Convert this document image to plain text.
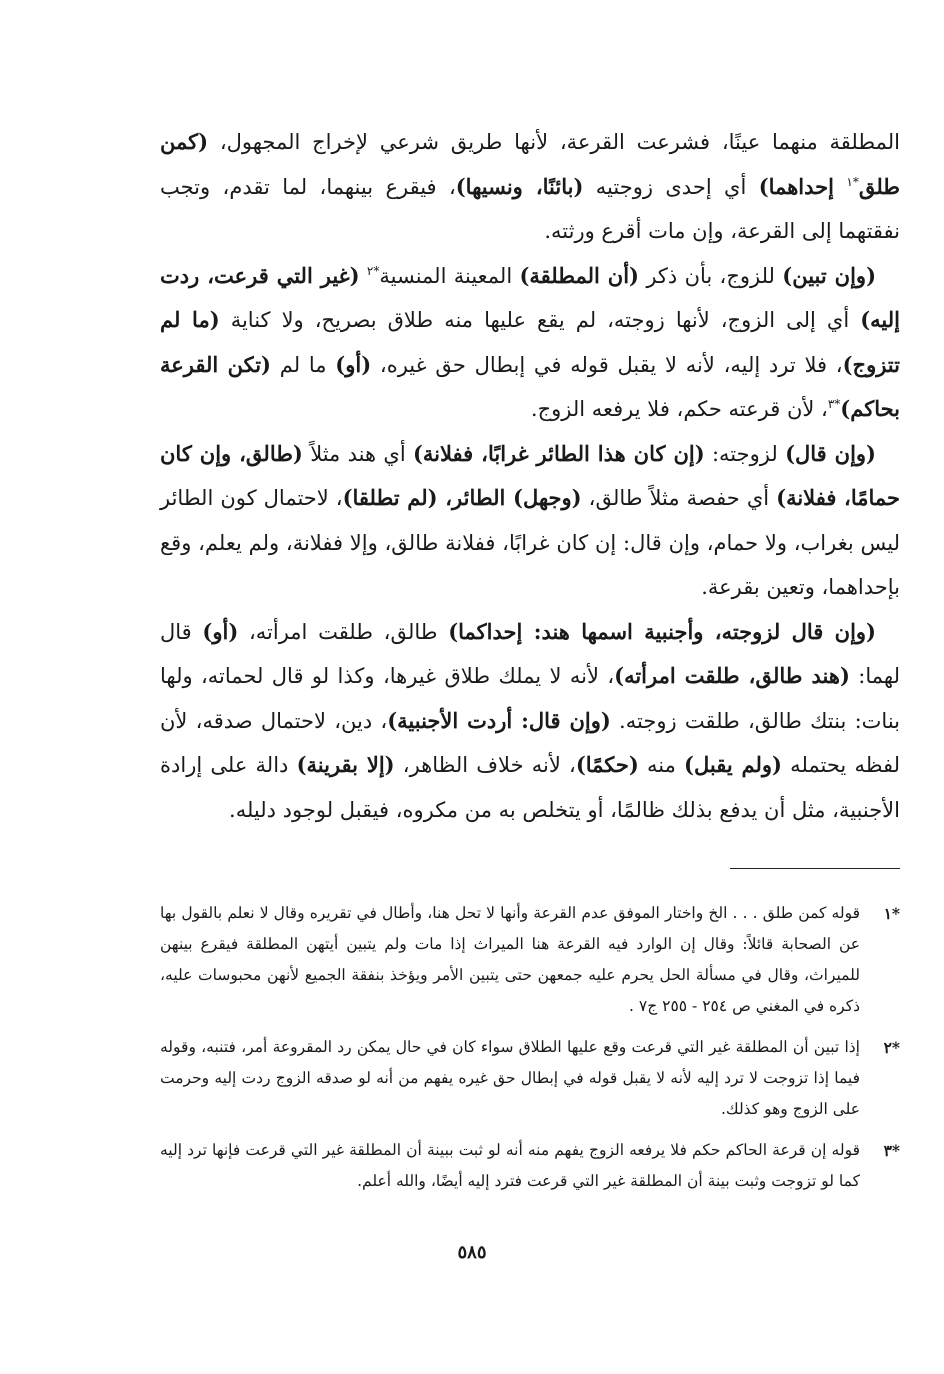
المطلقة منهما عينًا، فشرعت القرعة، لأنها طريق شرعي لإخراج المجهول، (كمن طلق$^{*١}$ إحداهما) أي إحدى زوجتيه (بائنًا، ونسيها)، فيقرع بينهما، لما تقدم، وتجب نفقتهما إلى القرعة، وإن مات أقرع ورثته.

(وإن تبين) للزوج، بأن ذكر (أن المطلقة) المعينة المنسية$^{*٢}$ (غير التي قرعت، ردت إليه) أي إلى الزوج، لأنها زوجته، لم يقع عليها منه طلاق بصريح، ولا كناية (ما لم تتزوج)، فلا ترد إليه، لأنه لا يقبل قوله في إبطال حق غيره، (أو) ما لم (تكن القرعة بحاكم)$^{*٣}$، لأن قرعته حكم، فلا يرفعه الزوج.

(وإن قال) لزوجته: (إن كان هذا الطائر غرابًا، ففلانة) أي هند مثلاً (طالق، وإن كان حمامًا، ففلانة) أي حفصة مثلاً طالق، (وجهل) الطائر، (لم تطلقا)، لاحتمال كون الطائر ليس بغراب، ولا حمام، وإن قال: إن كان غرابًا، ففلانة طالق، وإلا ففلانة، ولم يعلم، وقع بإحداهما، وتعين بقرعة.

(وإن قال لزوجته، وأجنبية اسمها هند: إحداكما) طالق، طلقت امرأته، (أو) قال لهما: (هند طالق، طلقت امرأته)، لأنه لا يملك طلاق غيرها، وكذا لو قال لحماته، ولها بنات: بنتك طالق، طلقت زوجته. (وإن قال: أردت الأجنبية)، دين، لاحتمال صدقه، لأن لفظه يحتمله (ولم يقبل) منه (حكمًا)، لأنه خلاف الظاهر، (إلا بقرينة) دالة على إرادة الأجنبية، مثل أن يدفع بذلك ظالمًا، أو يتخلص به من مكروه، فيقبل لوجود دليله.

*١
قوله كمن طلق . . . الخ واختار الموفق عدم القرعة وأنها لا تحل هنا، وأطال في تقريره وقال لا نعلم بالقول بها عن الصحابة قائلاً: وقال إن الوارد فيه القرعة هنا الميراث إذا مات ولم يتبين أيتهن المطلقة فيقرع بينهن للميراث، وقال في مسألة الحل يحرم عليه جمعهن حتى يتبين الأمر ويؤخذ بنفقة الجميع لأنهن محبوسات عليه، ذكره في المغني ص ٢٥٤ - ٢٥٥ ج٧ .
*٢
إذا تبين أن المطلقة غير التي قرعت وقع عليها الطلاق سواء كان في حال يمكن رد المقروعة أمر، فتنبه، وقوله فيما إذا تزوجت لا ترد إليه لأنه لا يقبل قوله في إبطال حق غيره يفهم من أنه لو صدقه الزوج ردت إليه وحرمت على الزوج وهو كذلك.
*٣
قوله إن قرعة الحاكم حكم فلا يرفعه الزوج يفهم منه أنه لو ثبت ببينة أن المطلقة غير التي قرعت فإنها ترد إليه كما لو تزوجت وثبت بينة أن المطلقة غير التي قرعت فترد إليه أيضًا، والله أعلم.
٥٨٥
